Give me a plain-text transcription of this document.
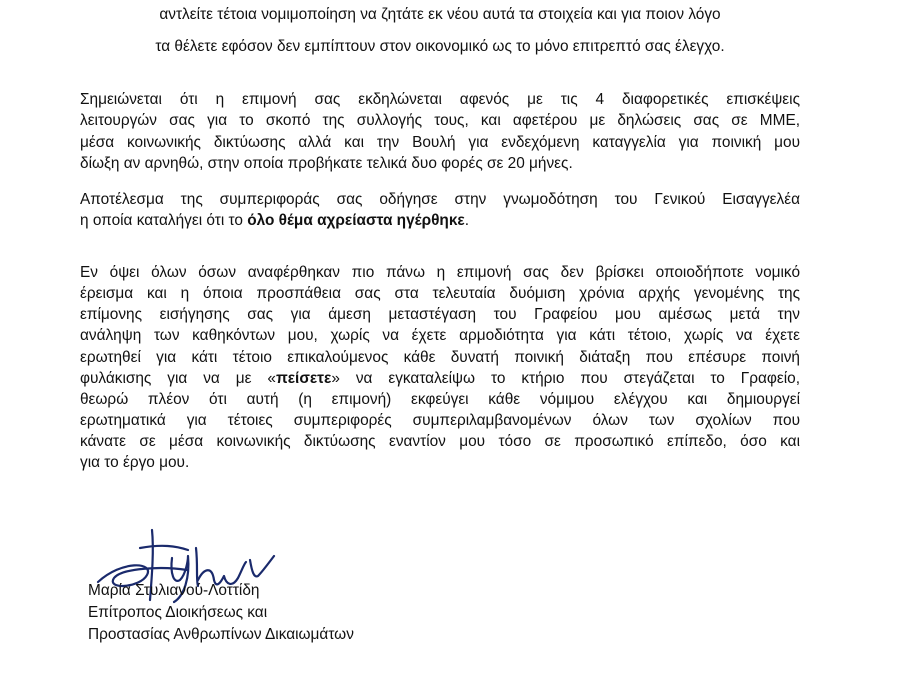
αντλείτε τέτοια νομιμοποίηση να ζητάτε εκ νέου αυτά τα στοιχεία και για ποιον λόγο
τα θέλετε εφόσον δεν εμπίπτουν στον οικονομικό ως το μόνο επιτρεπτό σας έλεγχο.
Σημειώνεται ότι η επιμονή σας εκδηλώνεται αφενός με τις 4 διαφορετικές επισκέψεις
λειτουργών σας για το σκοπό της συλλογής τους, και αφετέρου με δηλώσεις σας σε ΜΜΕ,
μέσα κοινωνικής δικτύωσης αλλά και την Βουλή για ενδεχόμενη καταγγελία για ποινική μου
δίωξη αν αρνηθώ, στην οποία προβήκατε τελικά δυο φορές σε 20 μήνες.
Αποτέλεσμα της συμπεριφοράς σας οδήγησε στην γνωμοδότηση του Γενικού Εισαγγελέα
η οποία καταλήγει ότι το όλο θέμα αχρείαστα ηγέρθηκε.
Εν όψει όλων όσων αναφέρθηκαν πιο πάνω η επιμονή σας δεν βρίσκει οποιοδήποτε νομικό
έρεισμα και η όποια προσπάθεια σας στα τελευταία δυόμιση χρόνια αρχής γενομένης της
επίμονης εισήγησης σας για άμεση μεταστέγαση του Γραφείου μου αμέσως μετά την
ανάληψη των καθηκόντων μου, χωρίς να έχετε αρμοδιότητα για κάτι τέτοιο, χωρίς να έχετε
ερωτηθεί για κάτι τέτοιο επικαλούμενος κάθε δυνατή ποινική διάταξη που επέσυρε ποινή
φυλάκισης για να με «πείσετε» να εγκαταλείψω το κτήριο που στεγάζεται το Γραφείο,
θεωρώ πλέον ότι αυτή (η επιμονή) εκφεύγει κάθε νόμιμου ελέγχου και δημιουργεί
ερωτηματικά για τέτοιες συμπεριφορές συμπεριλαμβανομένων όλων των σχολίων που
κάνατε σε μέσα κοινωνικής δικτύωσης εναντίον μου τόσο σε προσωπικό επίπεδο, όσο και
για το έργο μου.
Μαρία Στυλιανού-Λοττίδη
Επίτροπος Διοικήσεως και
Προστασίας Ανθρωπίνων Δικαιωμάτων
